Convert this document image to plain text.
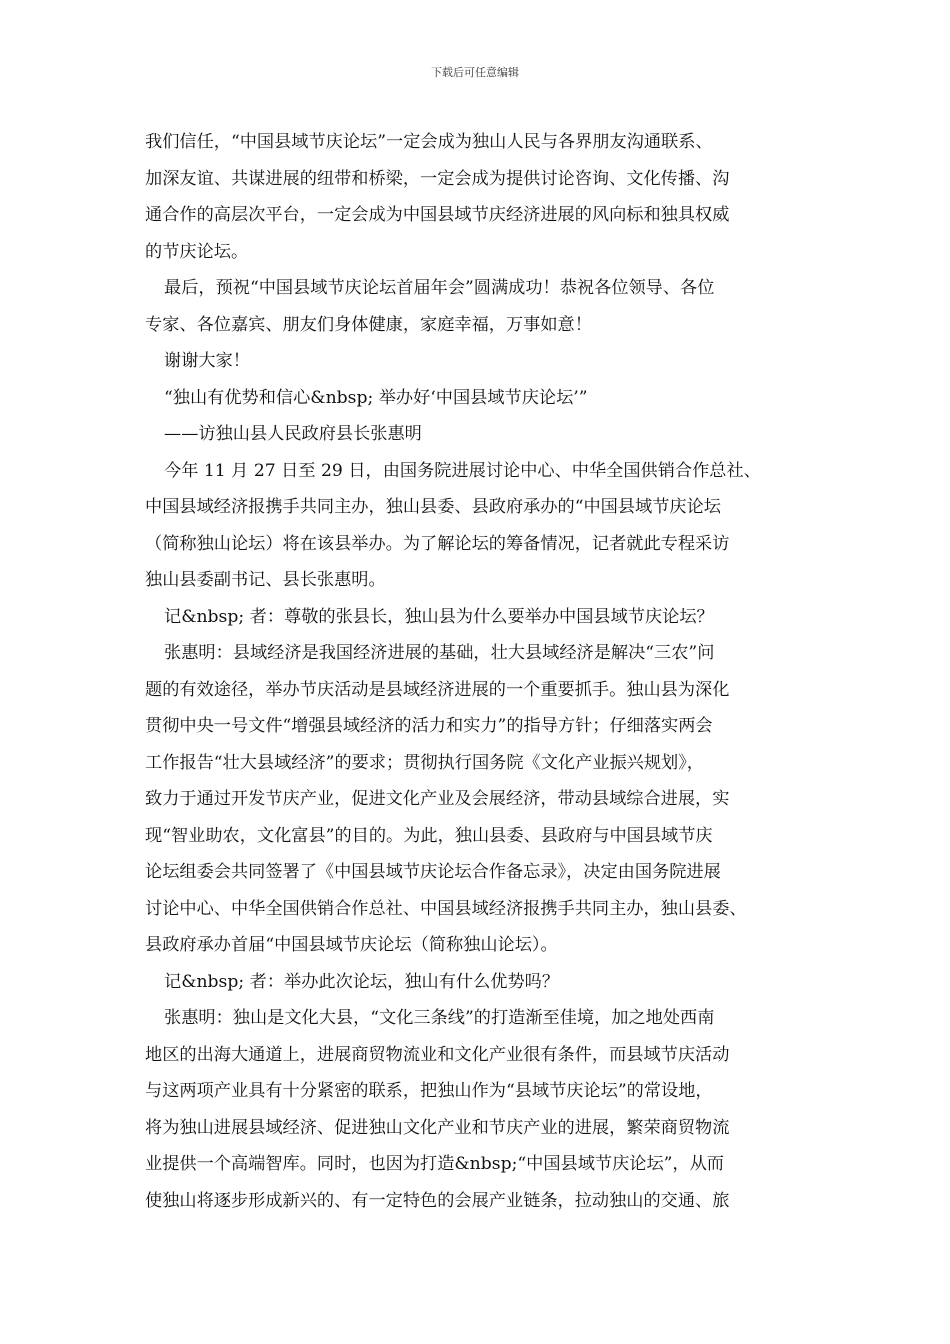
下载后可任意编辑
我们信任，“中国县域节庆论坛”一定会成为独山人民与各界朋友沟通联系、
加深友谊、共谋进展的纽带和桥梁，一定会成为提供讨论咨询、文化传播、沟
通合作的高层次平台，一定会成为中国县域节庆经济进展的风向标和独具权威
的节庆论坛。
最后，预祝“中国县域节庆论坛首届年会”圆满成功！恭祝各位领导、各位
专家、各位嘉宾、朋友们身体健康，家庭幸福，万事如意！
谢谢大家！
“独山有优势和信心&nbsp; 举办好‘中国县域节庆论坛’”
——访独山县人民政府县长张惠明
今年 11 月 27 日至 29 日，由国务院进展讨论中心、中华全国供销合作总社、
中国县域经济报携手共同主办，独山县委、县政府承办的“中国县域节庆论坛
（简称独山论坛）将在该县举办。为了解论坛的筹备情况，记者就此专程采访
独山县委副书记、县长张惠明。
记&nbsp; 者：尊敬的张县长，独山县为什么要举办中国县域节庆论坛？
张惠明：县域经济是我国经济进展的基础，壮大县域经济是解决“三农”问
题的有效途径，举办节庆活动是县域经济进展的一个重要抓手。独山县为深化
贯彻中央一号文件“增强县域经济的活力和实力”的指导方针；仔细落实两会
工作报告“壮大县域经济”的要求；贯彻执行国务院《文化产业振兴规划》，
致力于通过开发节庆产业，促进文化产业及会展经济，带动县域综合进展，实
现“智业助农，文化富县”的目的。为此，独山县委、县政府与中国县域节庆
论坛组委会共同签署了《中国县域节庆论坛合作备忘录》，决定由国务院进展
讨论中心、中华全国供销合作总社、中国县域经济报携手共同主办，独山县委、
县政府承办首届“中国县域节庆论坛（简称独山论坛）。
记&nbsp; 者：举办此次论坛，独山有什么优势吗？
张惠明：独山是文化大县，“文化三条线”的打造渐至佳境，加之地处西南
地区的出海大通道上，进展商贸物流业和文化产业很有条件，而县域节庆活动
与这两项产业具有十分紧密的联系，把独山作为“县域节庆论坛”的常设地，
将为独山进展县域经济、促进独山文化产业和节庆产业的进展，繁荣商贸物流
业提供一个高端智库。同时，也因为打造&nbsp;“中国县域节庆论坛”，从而
使独山将逐步形成新兴的、有一定特色的会展产业链条，拉动独山的交通、旅
